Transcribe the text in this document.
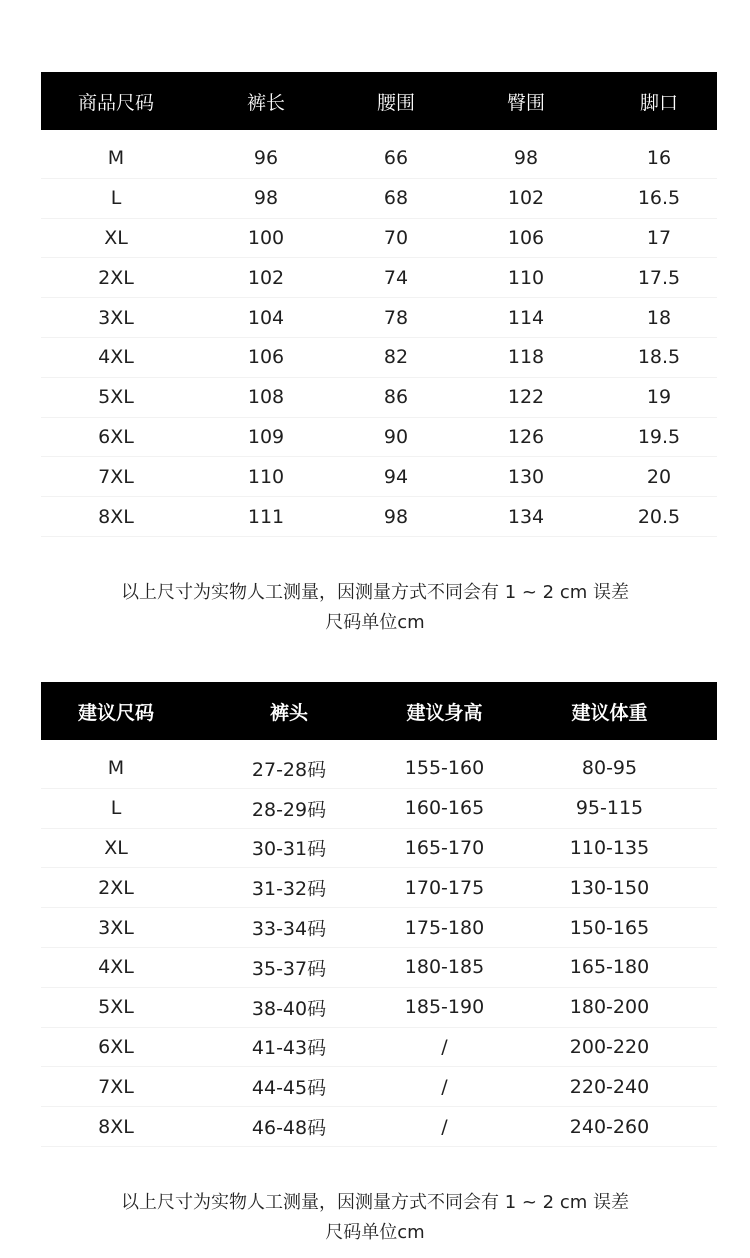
商品尺码	裤长	腰围	臀围	脚口
M	96	66	98	16
L	98	68	102	16.5
XL	100	70	106	17
2XL	102	74	110	17.5
3XL	104	78	114	18
4XL	106	82	118	18.5
5XL	108	86	122	19
6XL	109	90	126	19.5
7XL	110	94	130	20
8XL	111	98	134	20.5
以上尺寸为实物人工测量，因测量方式不同会有 1 ~ 2 cm 误差
尺码单位cm
建议尺码	裤头	建议身高	建议体重
M	27-28码	155-160	80-95
L	28-29码	160-165	95-115
XL	30-31码	165-170	110-135
2XL	31-32码	170-175	130-150
3XL	33-34码	175-180	150-165
4XL	35-37码	180-185	165-180
5XL	38-40码	185-190	180-200
6XL	41-43码	/	200-220
7XL	44-45码	/	220-240
8XL	46-48码	/	240-260
以上尺寸为实物人工测量，因测量方式不同会有 1 ~ 2 cm 误差
尺码单位cm
